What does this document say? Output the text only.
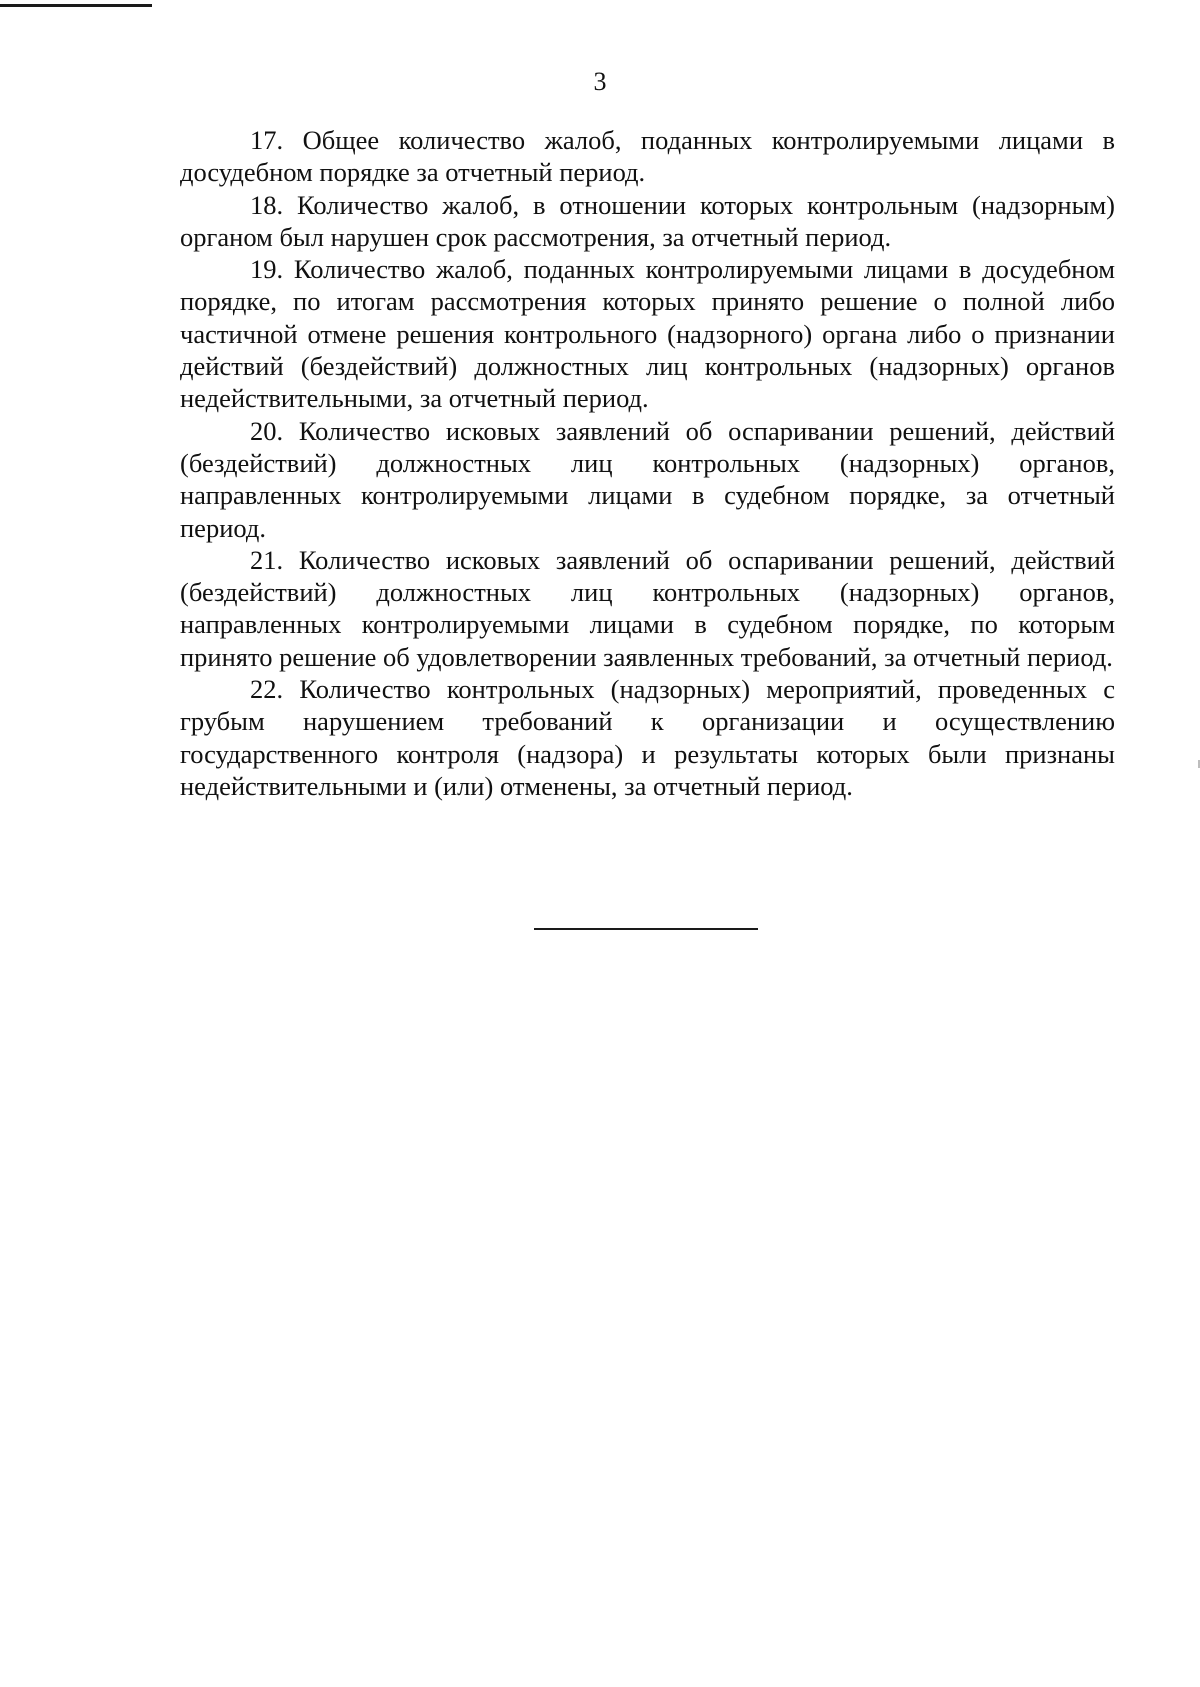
3

17. Общее количество жалоб, поданных контролируемыми лицами в досудебном порядке за отчетный период.

18. Количество жалоб, в отношении которых контрольным (надзорным) органом был нарушен срок рассмотрения, за отчетный период.

19. Количество жалоб, поданных контролируемыми лицами в досудебном порядке, по итогам рассмотрения которых принято решение о полной либо частичной отмене решения контрольного (надзорного) органа либо о признании действий (бездействий) должностных лиц контрольных (надзорных) органов недействительными, за отчетный период.

20. Количество исковых заявлений об оспаривании решений, действий (бездействий) должностных лиц контрольных (надзорных) органов, направленных контролируемыми лицами в судебном порядке, за отчетный период.

21. Количество исковых заявлений об оспаривании решений, действий (бездействий) должностных лиц контрольных (надзорных) органов, направленных контролируемыми лицами в судебном порядке, по которым принято решение об удовлетворении заявленных требований, за отчетный период.

22. Количество контрольных (надзорных) мероприятий, проведенных с грубым нарушением требований к организации и осуществлению государственного контроля (надзора) и результаты которых были признаны недействительными и (или) отменены, за отчетный период.
